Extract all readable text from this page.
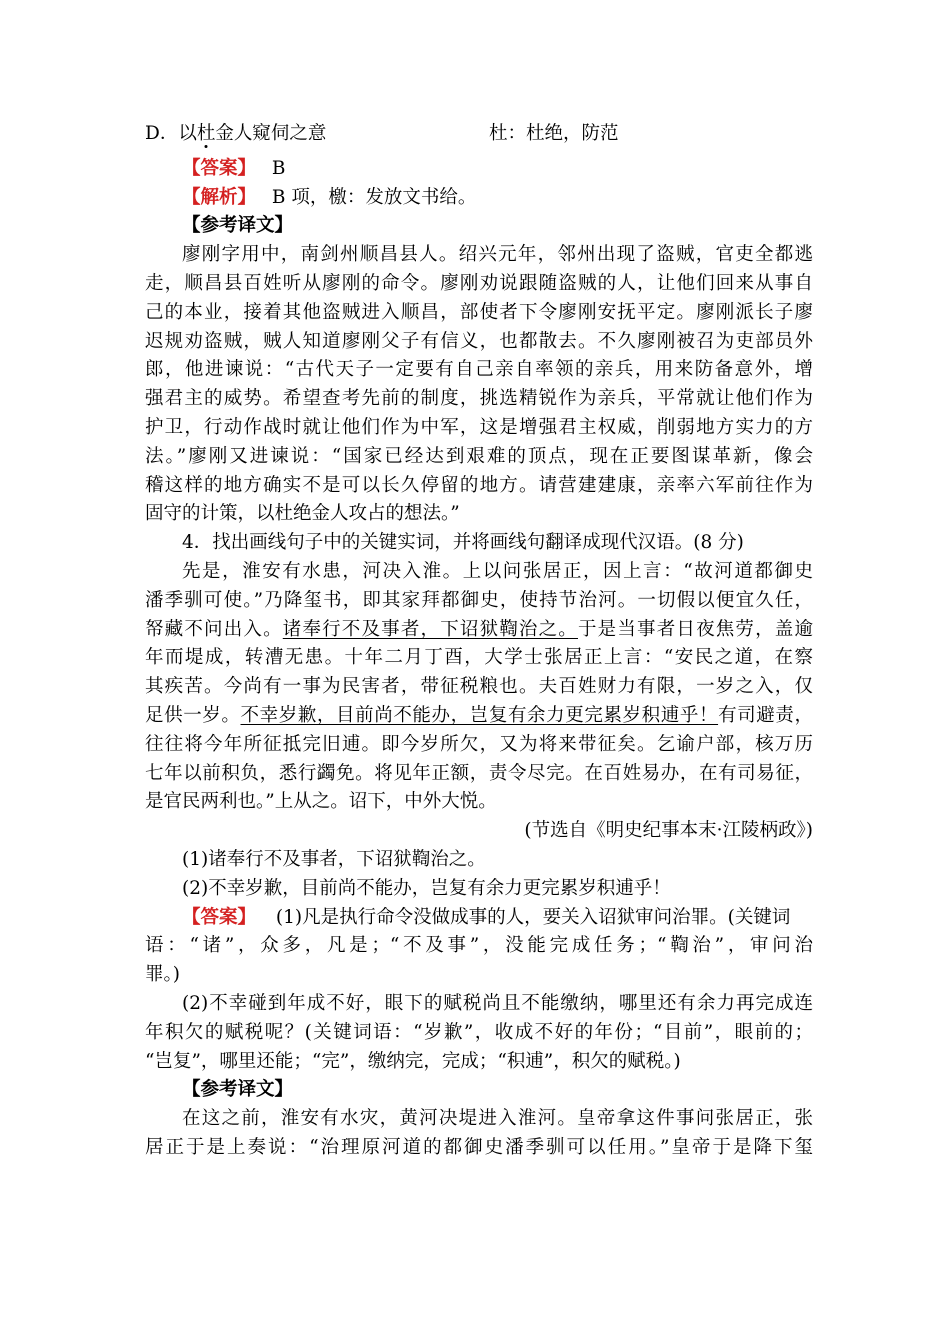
D．以杜金人窥伺之意	杜：杜绝，防范
【答案】 B
【解析】 B 项，檄：发放文书给。
【参考译文】
廖刚字用中，南剑州顺昌县人。绍兴元年，邻州出现了盗贼，官吏全都逃
走，顺昌县百姓听从廖刚的命令。廖刚劝说跟随盗贼的人，让他们回来从事自
己的本业，接着其他盗贼进入顺昌，部使者下令廖刚安抚平定。廖刚派长子廖
迟规劝盗贼，贼人知道廖刚父子有信义，也都散去。不久廖刚被召为吏部员外
郎，他进谏说：“古代天子一定要有自己亲自率领的亲兵，用来防备意外，增
强君主的威势。希望查考先前的制度，挑选精锐作为亲兵，平常就让他们作为
护卫，行动作战时就让他们作为中军，这是增强君主权威，削弱地方实力的方
法。”廖刚又进谏说：“国家已经达到艰难的顶点，现在正要图谋革新，像会
稽这样的地方确实不是可以长久停留的地方。请营建建康，亲率六军前往作为
固守的计策，以杜绝金人攻占的想法。”
4．找出画线句子中的关键实词，并将画线句翻译成现代汉语。(8 分)
先是，淮安有水患，河决入淮。上以问张居正，因上言：“故河道都御史
潘季驯可使。”乃降玺书，即其家拜都御史，使持节治河。一切假以便宜久任，
帑藏不问出入。诸奉行不及事者，下诏狱鞫治之。于是当事者日夜焦劳，盖逾
年而堤成，转漕无患。十年二月丁酉，大学士张居正上言：“安民之道，在察
其疾苦。今尚有一事为民害者，带征税粮也。夫百姓财力有限，一岁之入，仅
足供一岁。不幸岁歉，目前尚不能办，岂复有余力更完累岁积逋乎！有司避责，
往往将今年所征抵完旧逋。即今岁所欠，又为将来带征矣。乞谕户部，核万历
七年以前积负，悉行蠲免。将见年正额，责令尽完。在百姓易办，在有司易征，
是官民两利也。”上从之。诏下，中外大悦。
(节选自《明史纪事本末·江陵柄政》)
(1)诸奉行不及事者，下诏狱鞫治之。
(2)不幸岁歉，目前尚不能办，岂复有余力更完累岁积逋乎！
【答案】 (1)凡是执行命令没做成事的人，要关入诏狱审问治罪。(关键词
语：“诸”，众多，凡是；“不及事”，没能完成任务；“鞫治”，审问治
罪。)
(2)不幸碰到年成不好，眼下的赋税尚且不能缴纳，哪里还有余力再完成连
年积欠的赋税呢？(关键词语：“岁歉”，收成不好的年份；“目前”，眼前的；
“岂复”，哪里还能；“完”，缴纳完，完成；“积逋”，积欠的赋税。)
【参考译文】
在这之前，淮安有水灾，黄河决堤进入淮河。皇帝拿这件事问张居正，张
居正于是上奏说：“治理原河道的都御史潘季驯可以任用。”皇帝于是降下玺
